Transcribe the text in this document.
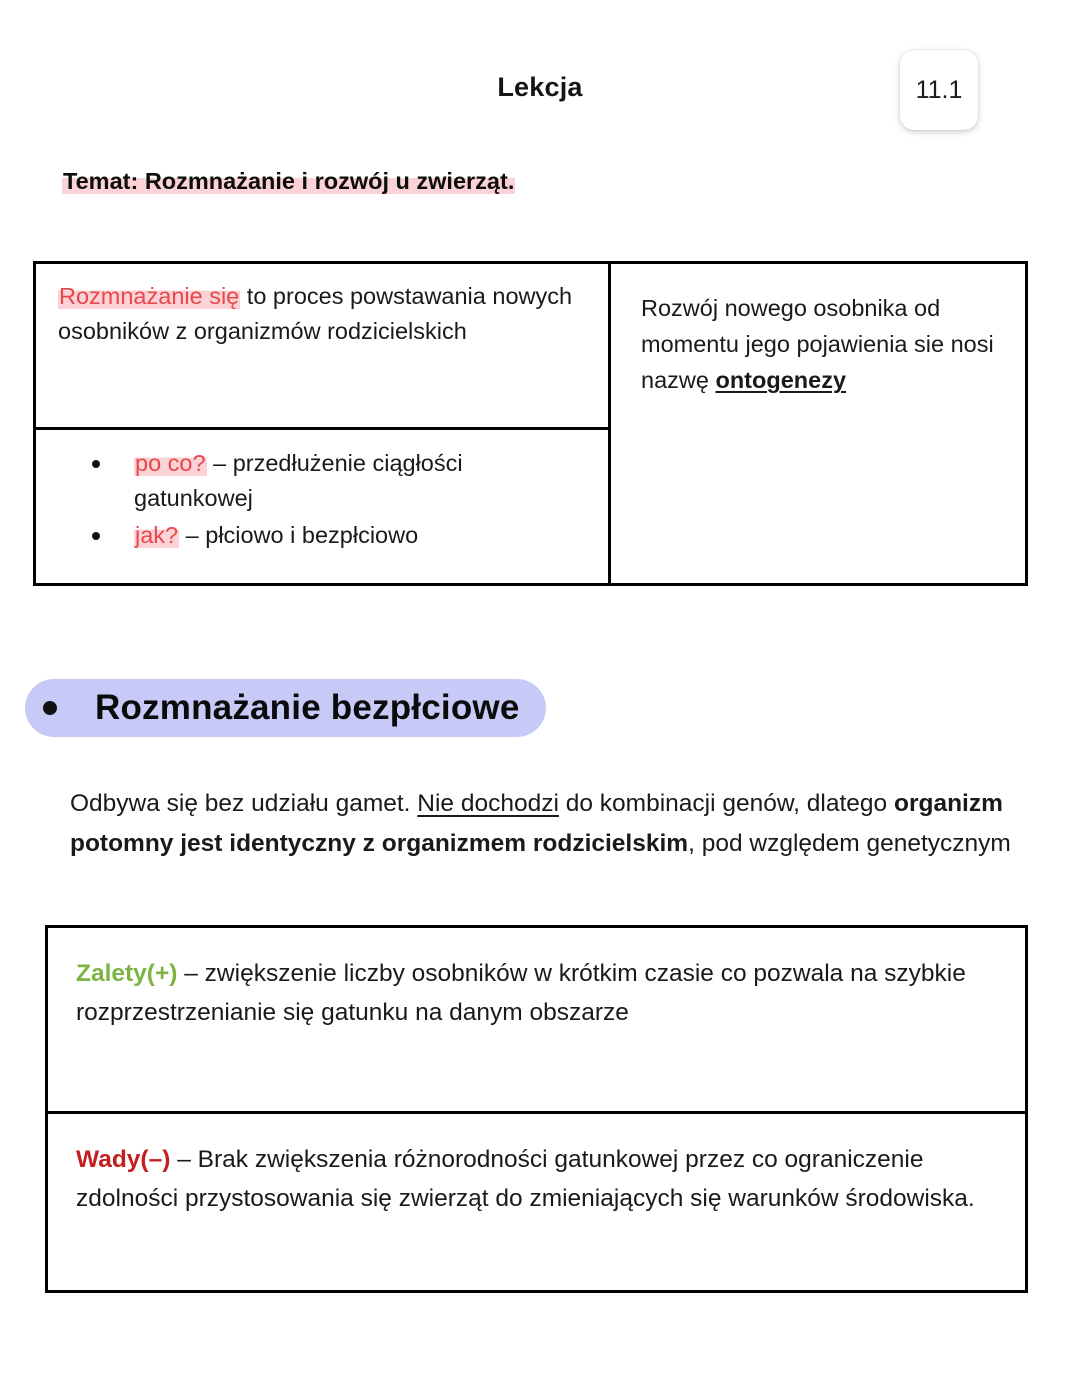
Lekcja	11.1
Temat: Rozmnażanie i rozwój u zwierząt.
Rozmnażanie się to proces powstawania nowych osobników z organizmów rodzicielskich
po co? – przedłużenie ciągłości gatunkowej
jak? – płciowo i bezpłciowo
Rozwój nowego osobnika od momentu jego pojawienia sie nosi nazwę ontogenezy
Rozmnażanie bezpłciowe
Odbywa się bez udziału gamet. Nie dochodzi do kombinacji genów, dlatego organizm potomny jest identyczny z organizmem rodzicielskim, pod względem genetycznym
Zalety(+) – zwiększenie liczby osobników w krótkim czasie co pozwala na szybkie rozprzestrzenianie się gatunku na danym obszarze
Wady(–) – Brak zwiększenia różnorodności gatunkowej przez co ograniczenie zdolności przystosowania się zwierząt do zmieniających się warunków środowiska.
